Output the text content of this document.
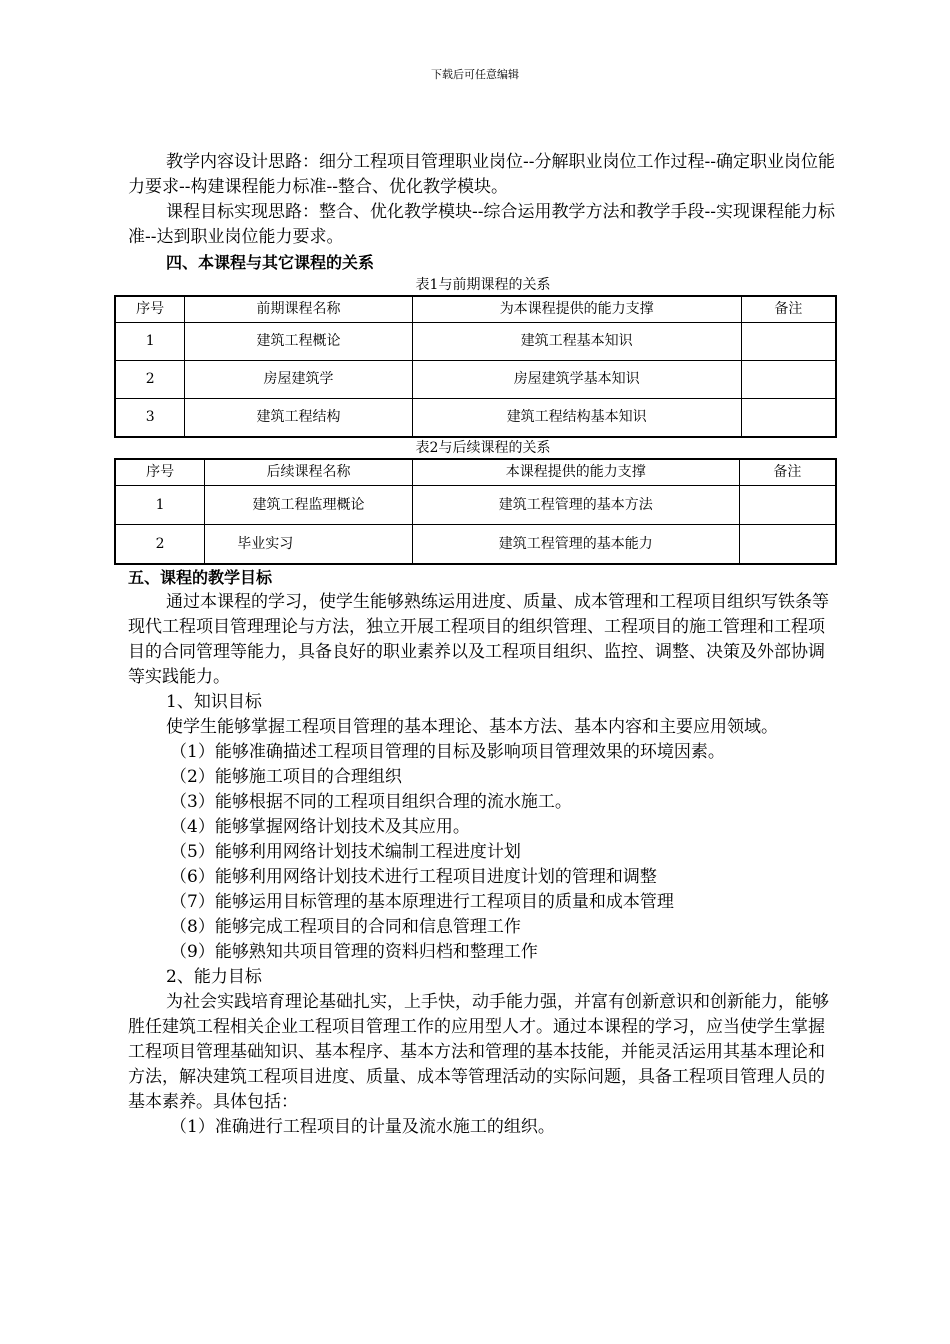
下载后可任意编辑

教学内容设计思路：细分工程项目管理职业岗位--分解职业岗位工作过程--确定职业岗位能力要求--构建课程能力标准--整合、优化教学模块。

课程目标实现思路：整合、优化教学模块--综合运用教学方法和教学手段--实现课程能力标准--达到职业岗位能力要求。

四、本课程与其它课程的关系

表1与前期课程的关系

序号	前期课程名称	为本课程提供的能力支撑	备注
1	建筑工程概论	建筑工程基本知识	
2	房屋建筑学	房屋建筑学基本知识	
3	建筑工程结构	建筑工程结构基本知识	

表2与后续课程的关系

序号	后续课程名称	本课程提供的能力支撑	备注
1	建筑工程监理概论	建筑工程管理的基本方法	
2	毕业实习	建筑工程管理的基本能力	

五、课程的教学目标

通过本课程的学习，使学生能够熟练运用进度、质量、成本管理和工程项目组织写铁条等现代工程项目管理理论与方法，独立开展工程项目的组织管理、工程项目的施工管理和工程项目的合同管理等能力，具备良好的职业素养以及工程项目组织、监控、调整、决策及外部协调等实践能力。

1、知识目标

使学生能够掌握工程项目管理的基本理论、基本方法、基本内容和主要应用领域。

（1）能够准确描述工程项目管理的目标及影响项目管理效果的环境因素。

（2）能够施工项目的合理组织

（3）能够根据不同的工程项目组织合理的流水施工。

（4）能够掌握网络计划技术及其应用。

（5）能够利用网络计划技术编制工程进度计划

（6）能够利用网络计划技术进行工程项目进度计划的管理和调整

（7）能够运用目标管理的基本原理进行工程项目的质量和成本管理

（8）能够完成工程项目的合同和信息管理工作

（9）能够熟知共项目管理的资料归档和整理工作

2、能力目标

为社会实践培育理论基础扎实，上手快，动手能力强，并富有创新意识和创新能力，能够胜任建筑工程相关企业工程项目管理工作的应用型人才。通过本课程的学习，应当使学生掌握工程项目管理基础知识、基本程序、基本方法和管理的基本技能，并能灵活运用其基本理论和方法，解决建筑工程项目进度、质量、成本等管理活动的实际问题，具备工程项目管理人员的基本素养。具体包括：

（1）准确进行工程项目的计量及流水施工的组织。
